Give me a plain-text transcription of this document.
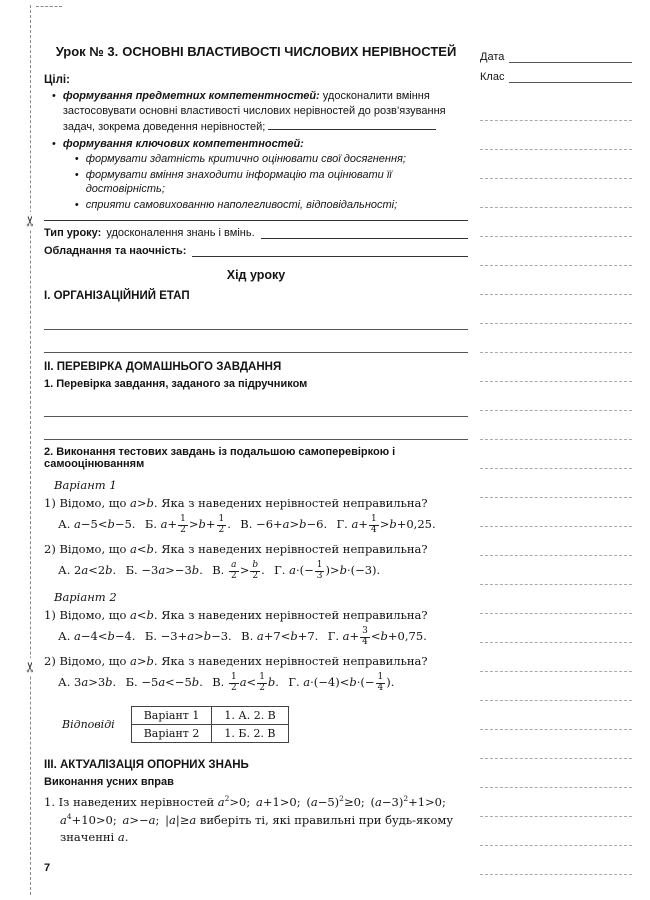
✂
✂
Урок № 3. ОСНОВНІ ВЛАСТИВОСТІ ЧИСЛОВИХ НЕРІВНОСТЕЙ
Цілі:
• формування предметних компетентностей: удосконалити вміння застосовувати основні властивості числових нерівностей до розв’язування задач, зокрема доведення нерівностей;
• формування ключових компетентностей:
• формувати здатність критично оцінювати свої досягнення;
• формувати вміння знаходити інформацію та оцінювати її достовірність;
• сприяти самовихованню наполегливості, відповідальності;
Тип уроку: удосконалення знань і вмінь.
Обладнання та наочність:
Хід уроку
І. ОРГАНІЗАЦІЙНИЙ ЕТАП
ІІ. ПЕРЕВІРКА ДОМАШНЬОГО ЗАВДАННЯ
1. Перевірка завдання, заданого за підручником
2. Виконання тестових завдань із подальшою самоперевіркою і самооцінюванням
Варіант 1
1) Відомо, що a>b. Яка з наведених нерівностей неправильна?
А. a−5<b−5.  Б. $a+ \frac{1}{2} >b+ \frac{1}{2}$ .  В. −6+a>b−6.  Г. $a+ \frac{1}{4} >b+0,25$.
2) Відомо, що a<b. Яка з наведених нерівностей неправильна?
А. 2a<2b.  Б. −3a>−3b.  В. $\frac{a}{2} > \frac{b}{2}$ .  Г. $a\cdot(- \frac{1}{3} )>b\cdot(-3)$.
Варіант 2
1) Відомо, що a<b. Яка з наведених нерівностей неправильна?
А. a−4<b−4.  Б. −3+a>b−3.  В. a+7<b+7.  Г. $a+ \frac{3}{4} <b+0,75$.
2) Відомо, що a>b. Яка з наведених нерівностей неправильна?
А. 3a>3b.  Б. −5a<−5b.  В. $\frac{1}{2} a< \frac{1}{2} b$.  Г. $a\cdot(-4)<b\cdot(- \frac{1}{4}$ ).
Відповіді
Варіант 1	1. А. 2. В
Варіант 2	1. Б. 2. В
ІІІ. АКТУАЛІЗАЦІЯ ОПОРНИХ ЗНАНЬ
Виконання усних вправ
1. Із наведених нерівностей $a^2>0$; a+1>0; $(a-5)^2\ge 0$; $(a-3)^2+1>0$; $a^4+10>0$; a>−a; |a|≥a виберіть ті, які правильні при будь-якому значенні a.
7
Дата
Клас
